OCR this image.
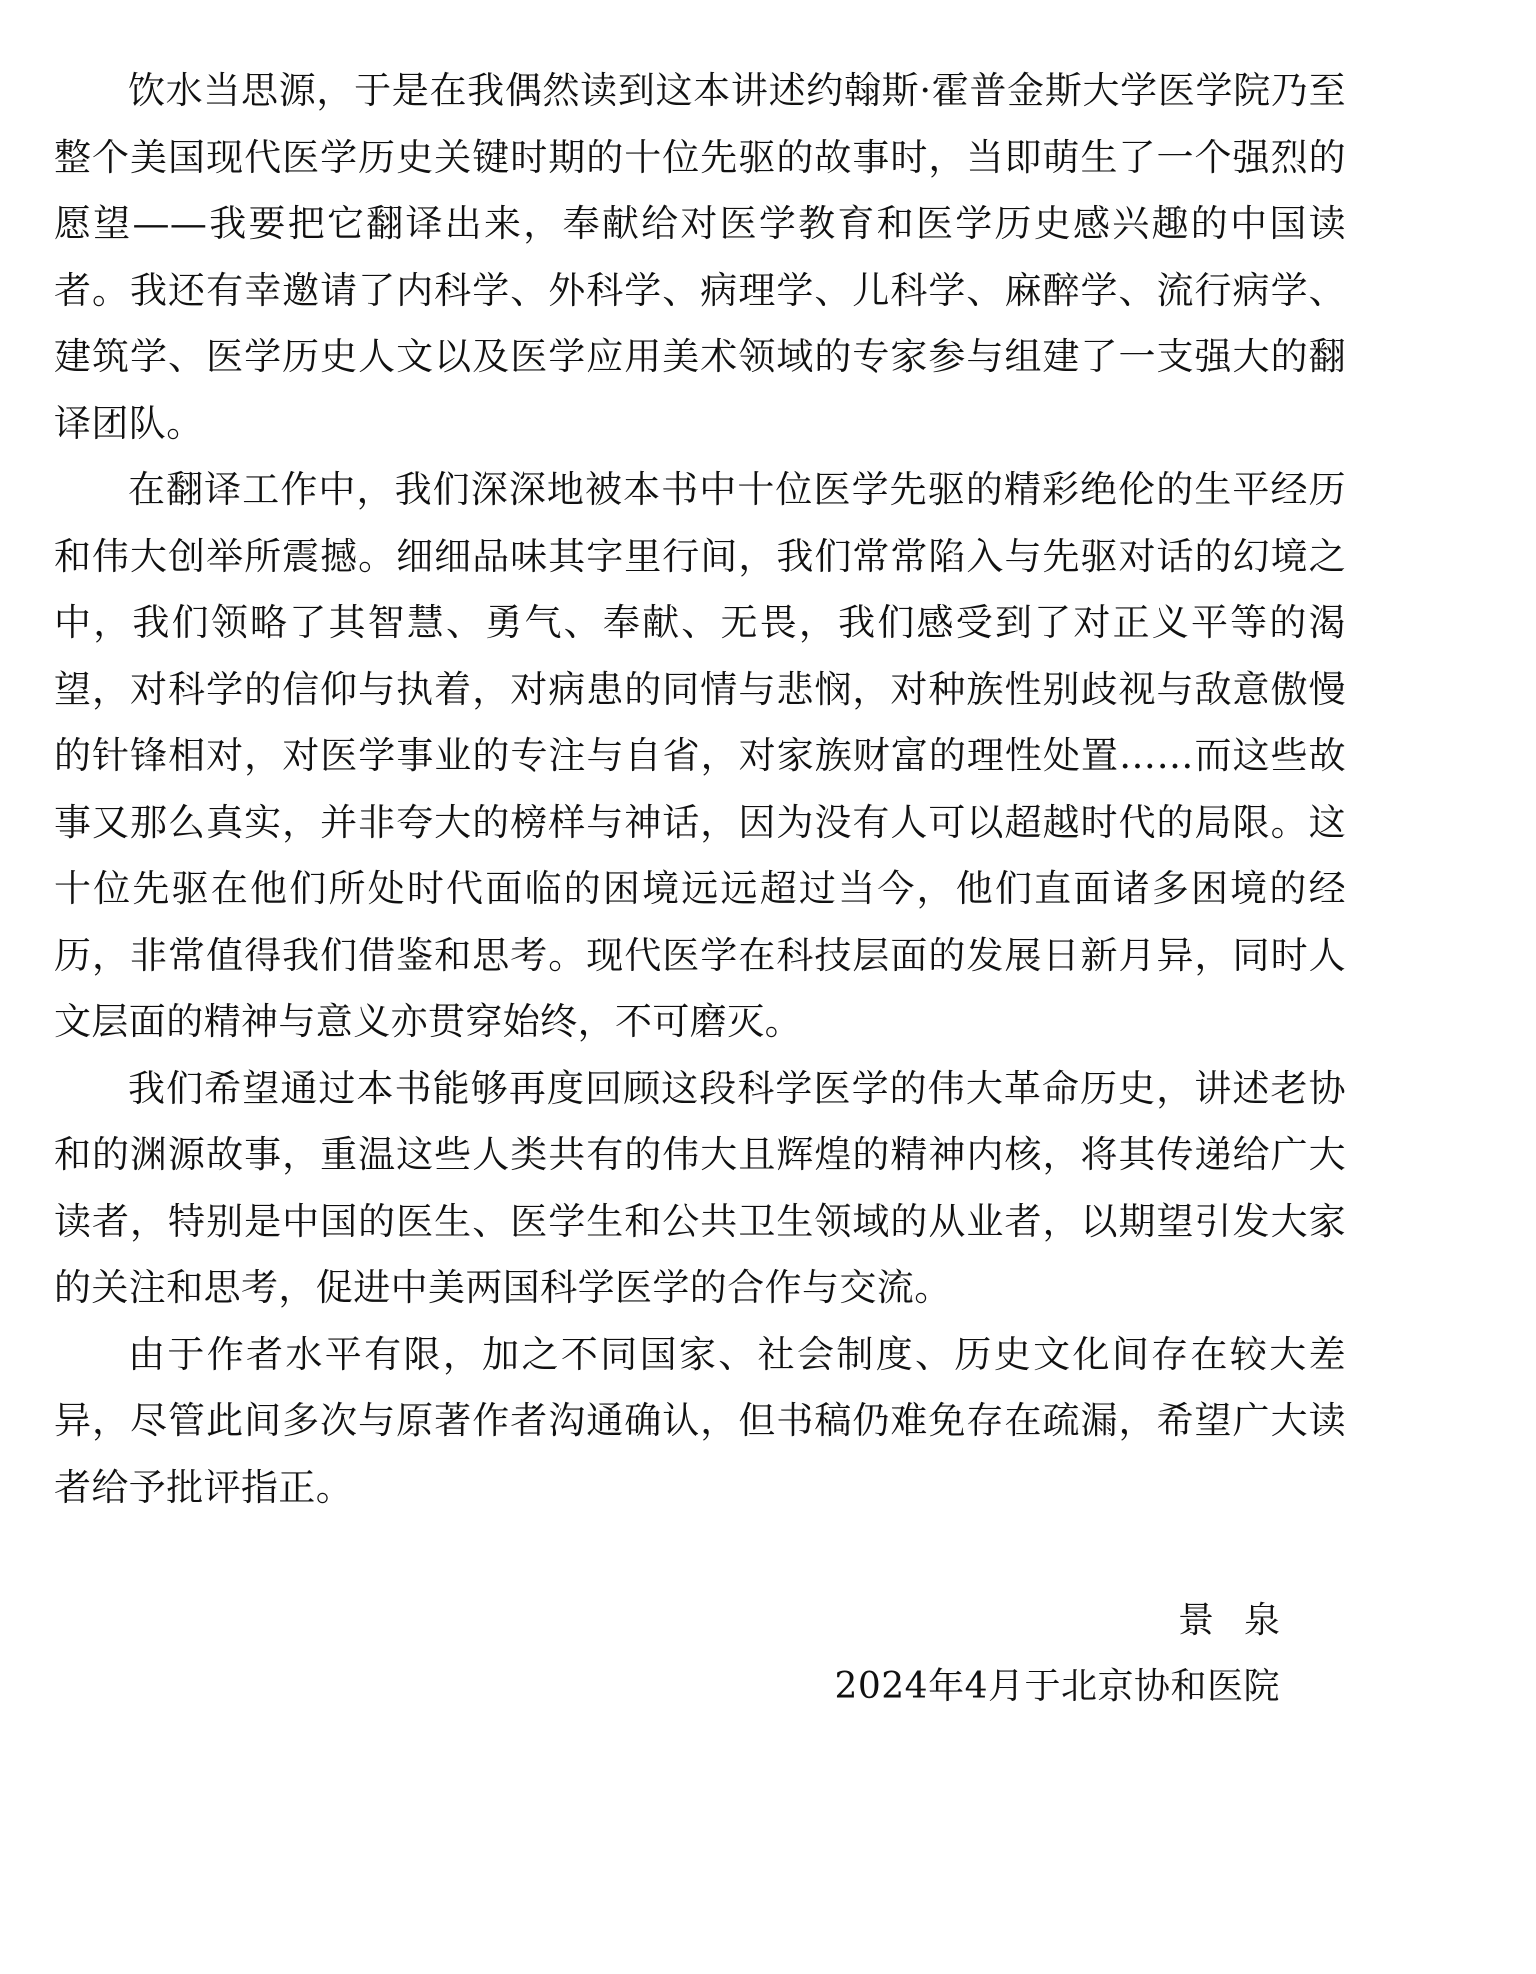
饮水当思源，于是在我偶然读到这本讲述约翰斯·霍普金斯大学医学院乃至整个美国现代医学历史关键时期的十位先驱的故事时，当即萌生了一个强烈的愿望——我要把它翻译出来，奉献给对医学教育和医学历史感兴趣的中国读者。我还有幸邀请了内科学、外科学、病理学、儿科学、麻醉学、流行病学、建筑学、医学历史人文以及医学应用美术领域的专家参与组建了一支强大的翻译团队。

在翻译工作中，我们深深地被本书中十位医学先驱的精彩绝伦的生平经历和伟大创举所震撼。细细品味其字里行间，我们常常陷入与先驱对话的幻境之中，我们领略了其智慧、勇气、奉献、无畏，我们感受到了对正义平等的渴望，对科学的信仰与执着，对病患的同情与悲悯，对种族性别歧视与敌意傲慢的针锋相对，对医学事业的专注与自省，对家族财富的理性处置……而这些故事又那么真实，并非夸大的榜样与神话，因为没有人可以超越时代的局限。这十位先驱在他们所处时代面临的困境远远超过当今，他们直面诸多困境的经历，非常值得我们借鉴和思考。现代医学在科技层面的发展日新月异，同时人文层面的精神与意义亦贯穿始终，不可磨灭。

我们希望通过本书能够再度回顾这段科学医学的伟大革命历史，讲述老协和的渊源故事，重温这些人类共有的伟大且辉煌的精神内核，将其传递给广大读者，特别是中国的医生、医学生和公共卫生领域的从业者，以期望引发大家的关注和思考，促进中美两国科学医学的合作与交流。

由于作者水平有限，加之不同国家、社会制度、历史文化间存在较大差异，尽管此间多次与原著作者沟通确认，但书稿仍难免存在疏漏，希望广大读者给予批评指正。

景泉
2024年4月于北京协和医院
